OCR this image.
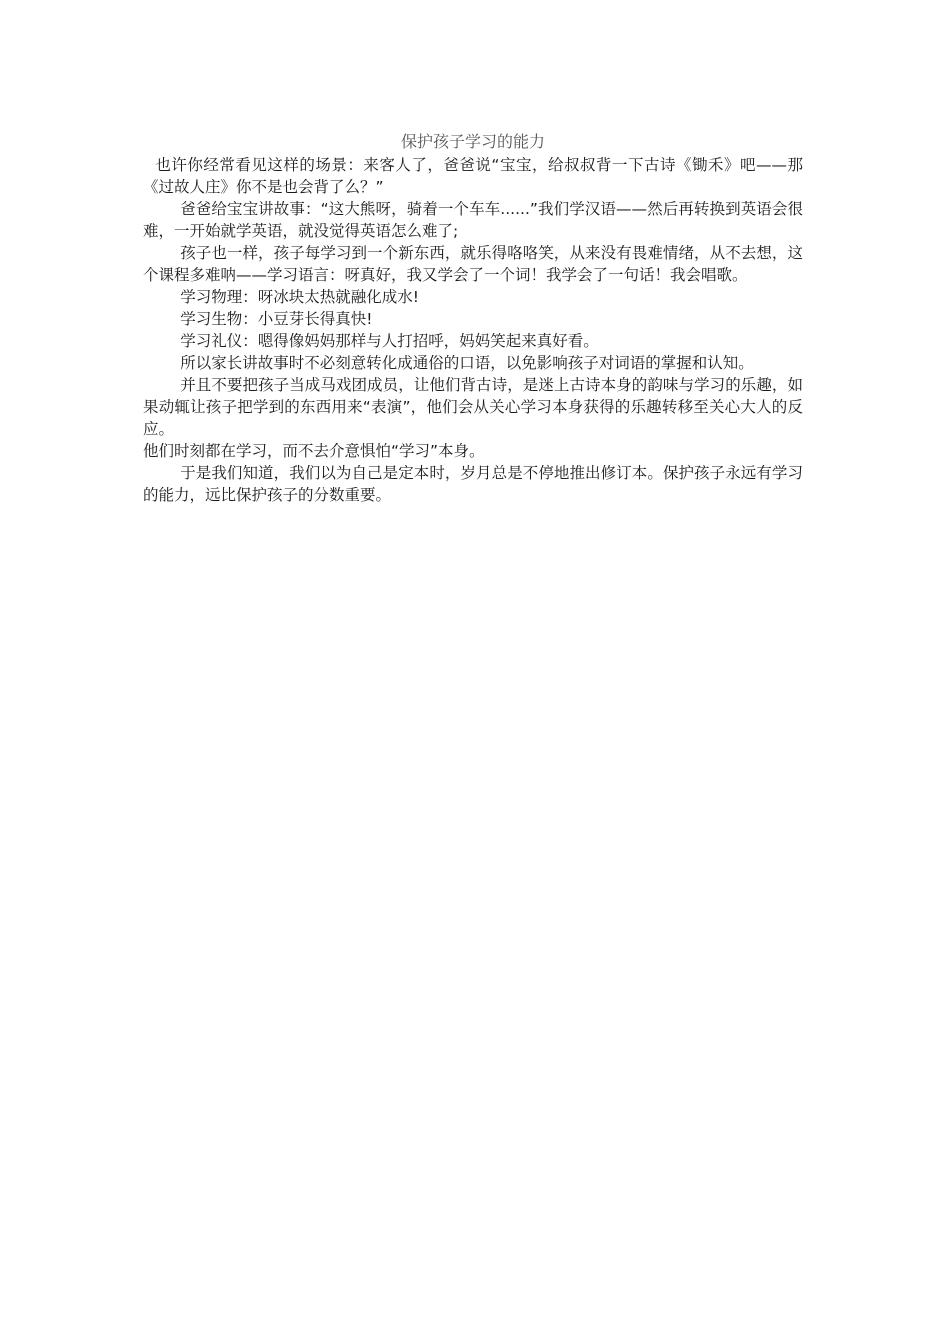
保护孩子学习的能力

也许你经常看见这样的场景：来客人了，爸爸说“宝宝，给叔叔背一下古诗《锄禾》吧——那《过故人庄》你不是也会背了么？”

爸爸给宝宝讲故事：“这大熊呀，骑着一个车车......”我们学汉语——然后再转换到英语会很难，一开始就学英语，就没觉得英语怎么难了;

孩子也一样，孩子每学习到一个新东西，就乐得咯咯笑，从来没有畏难情绪，从不去想，这个课程多难呐——学习语言：呀真好，我又学会了一个词！我学会了一句话！我会唱歌。

学习物理：呀冰块太热就融化成水!

学习生物：小豆芽长得真快!

学习礼仪：嗯得像妈妈那样与人打招呼，妈妈笑起来真好看。

所以家长讲故事时不必刻意转化成通俗的口语，以免影响孩子对词语的掌握和认知。

并且不要把孩子当成马戏团成员，让他们背古诗，是迷上古诗本身的韵味与学习的乐趣，如果动辄让孩子把学到的东西用来“表演”，他们会从关心学习本身获得的乐趣转移至关心大人的反应。

他们时刻都在学习，而不去介意惧怕“学习”本身。

于是我们知道，我们以为自己是定本时，岁月总是不停地推出修订本。保护孩子永远有学习的能力，远比保护孩子的分数重要。
